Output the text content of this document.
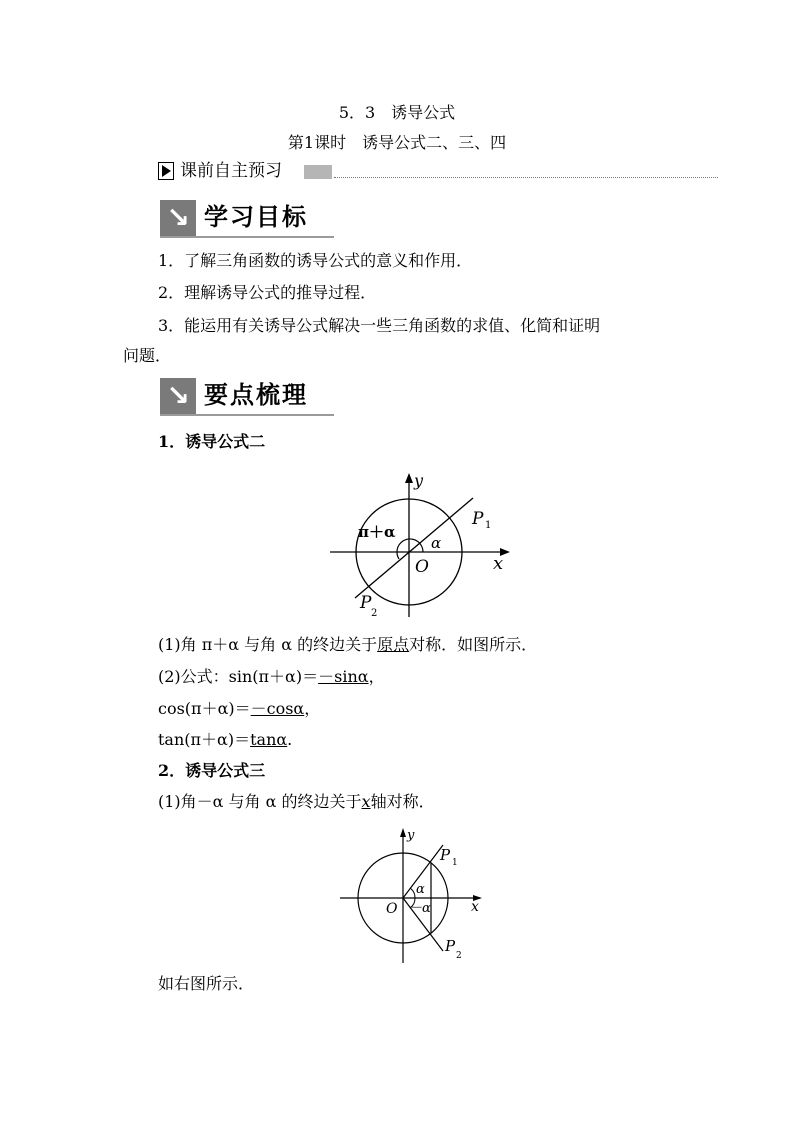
5．3　诱导公式
第1课时　诱导公式二、三、四
课前自主预习
↘ 学习目标
1．了解三角函数的诱导公式的意义和作用．
2．理解诱导公式的推导过程．
3．能运用有关诱导公式解决一些三角函数的求值、化简和证明
问题．
↘ 要点梳理
1．诱导公式二
y
x
O
P 1
P
2
α
π＋α
(1)角 π＋α 与角 α 的终边关于原点对称．如图所示．
(2)公式：sin(π＋α)＝－sinα，
cos(π＋α)＝－cosα，
tan(π＋α)＝tanα.
2．诱导公式三
(1)角－α 与角 α 的终边关于x轴对称．
y
x
O
P 1
P
2
α
－α
如右图所示．
